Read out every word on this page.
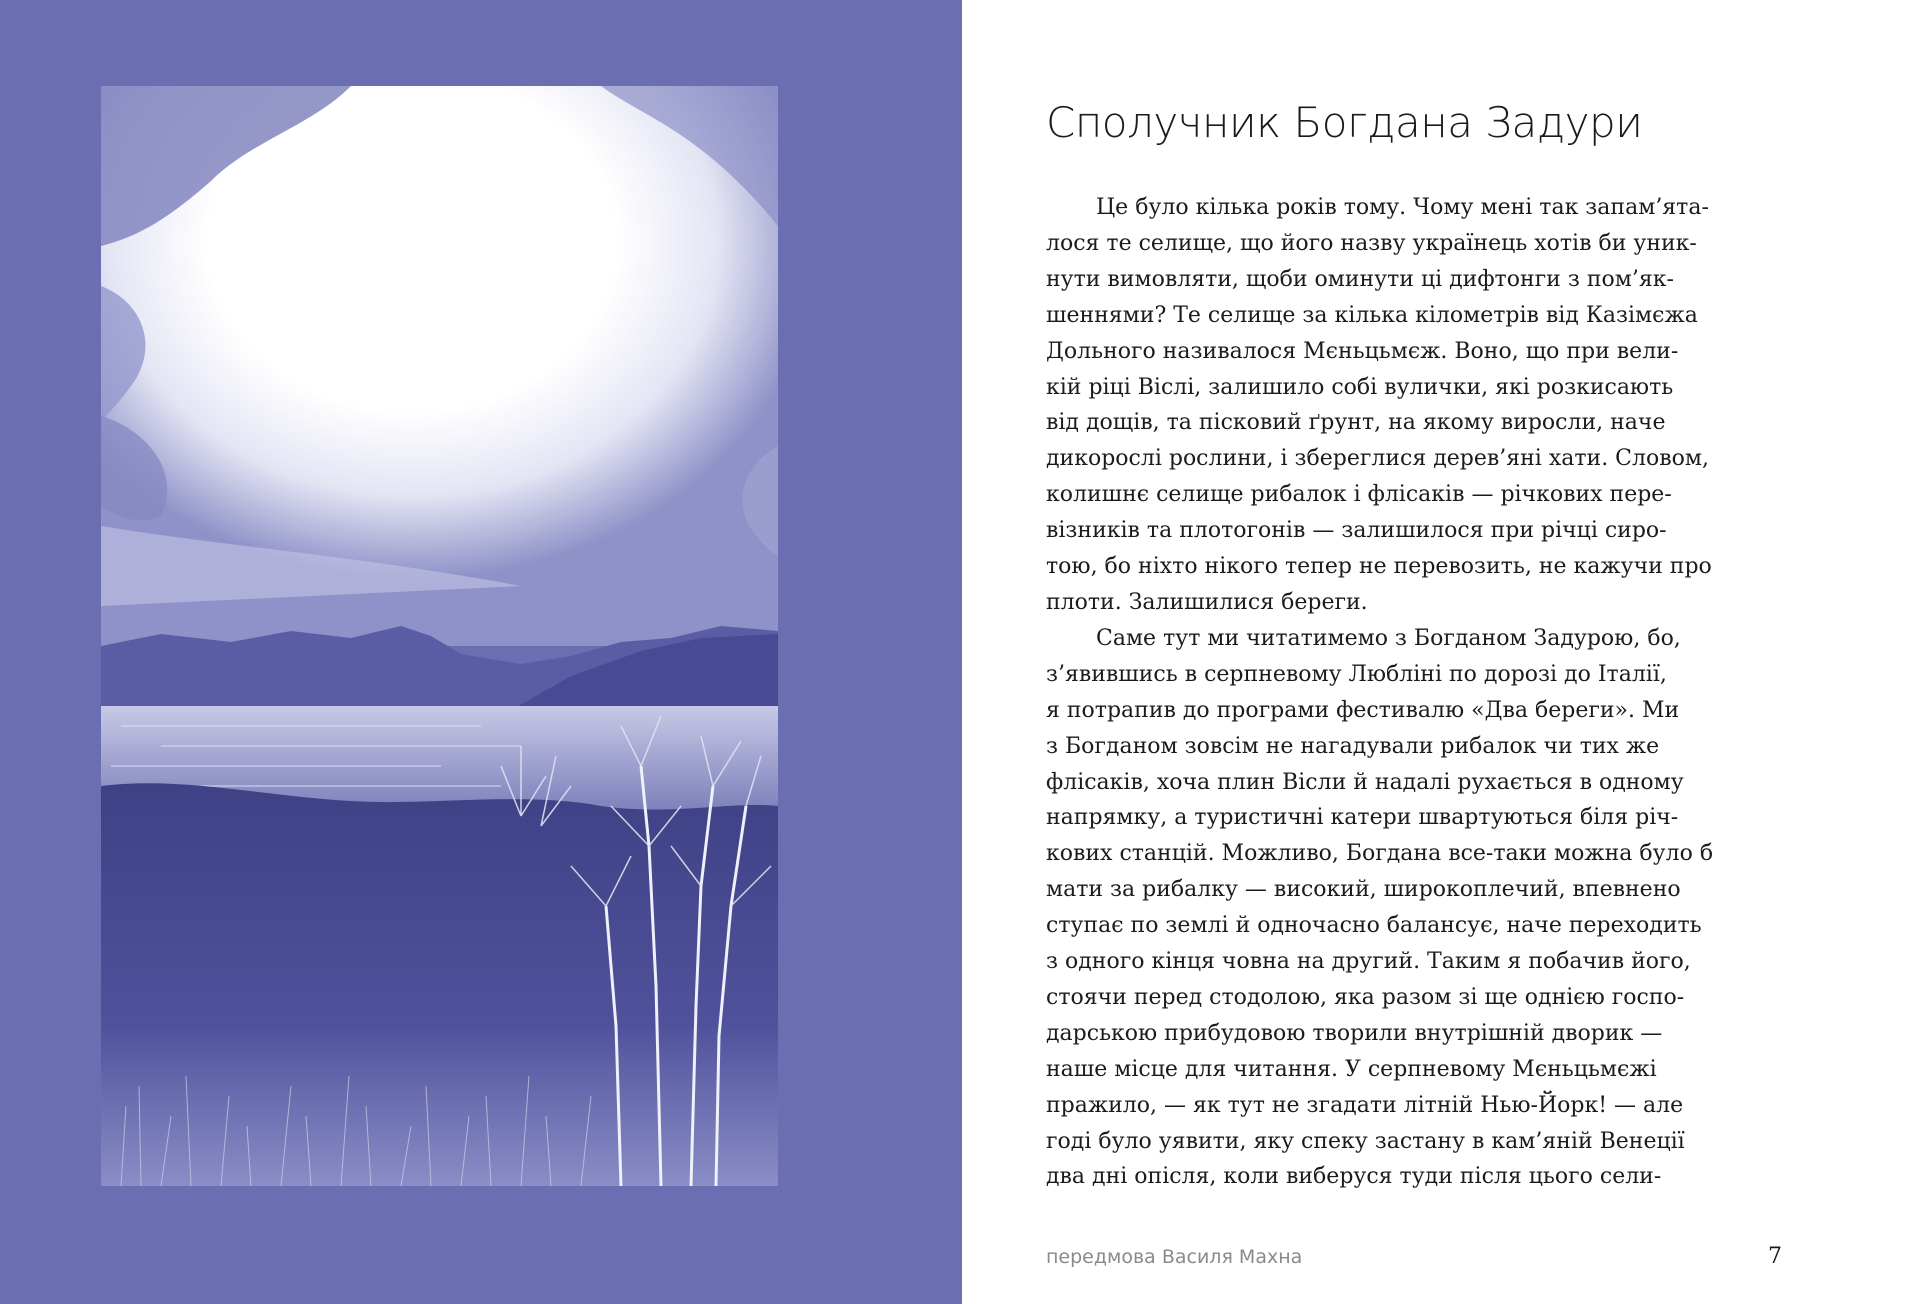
Сполучник Богдана Задури
Це було кілька років тому. Чому мені так запам’ята-
лося те селище, що його назву українець хотів би уник-
нути вимовляти, щоби оминути ці дифтонги з пом’як-
шеннями? Те селище за кілька кілометрів від Казімєжа
Дольного називалося Мєньцьмєж. Воно, що при вели-
кій ріці Віслі, залишило собі вулички, які розкисають
від дощів, та пісковий ґрунт, на якому виросли, наче
дикорослі рослини, і збереглися дерев’яні хати. Словом,
колишнє селище рибалок і флісаків — річкових пере-
візників та плотогонів — залишилося при річці сиро-
тою, бо ніхто нікого тепер не перевозить, не кажучи про
плоти. Залишилися береги.
Саме тут ми читатимемо з Богданом Задурою, бо,
з’явившись в серпневому Любліні по дорозі до Італії,
я потрапив до програми фестивалю «Два береги». Ми
з Богданом зовсім не нагадували рибалок чи тих же
флісаків, хоча плин Вісли й надалі рухається в одному
напрямку, а туристичні катери швартуються біля річ-
кових станцій. Можливо, Богдана все-таки можна було б
мати за рибалку — високий, широкоплечий, впевнено
ступає по землі й одночасно балансує, наче переходить
з одного кінця човна на другий. Таким я побачив його,
стоячи перед стодолою, яка разом зі ще однією госпо-
дарською прибудовою творили внутрішній дворик —
наше місце для читання. У серпневому Мєньцьмєжі
пражило, — як тут не згадати літній Нью-Йорк! — але
годі було уявити, яку спеку застану в кам’яній Венеції
два дні опісля, коли виберуся туди після цього сели-

передмова Василя Махна	7
